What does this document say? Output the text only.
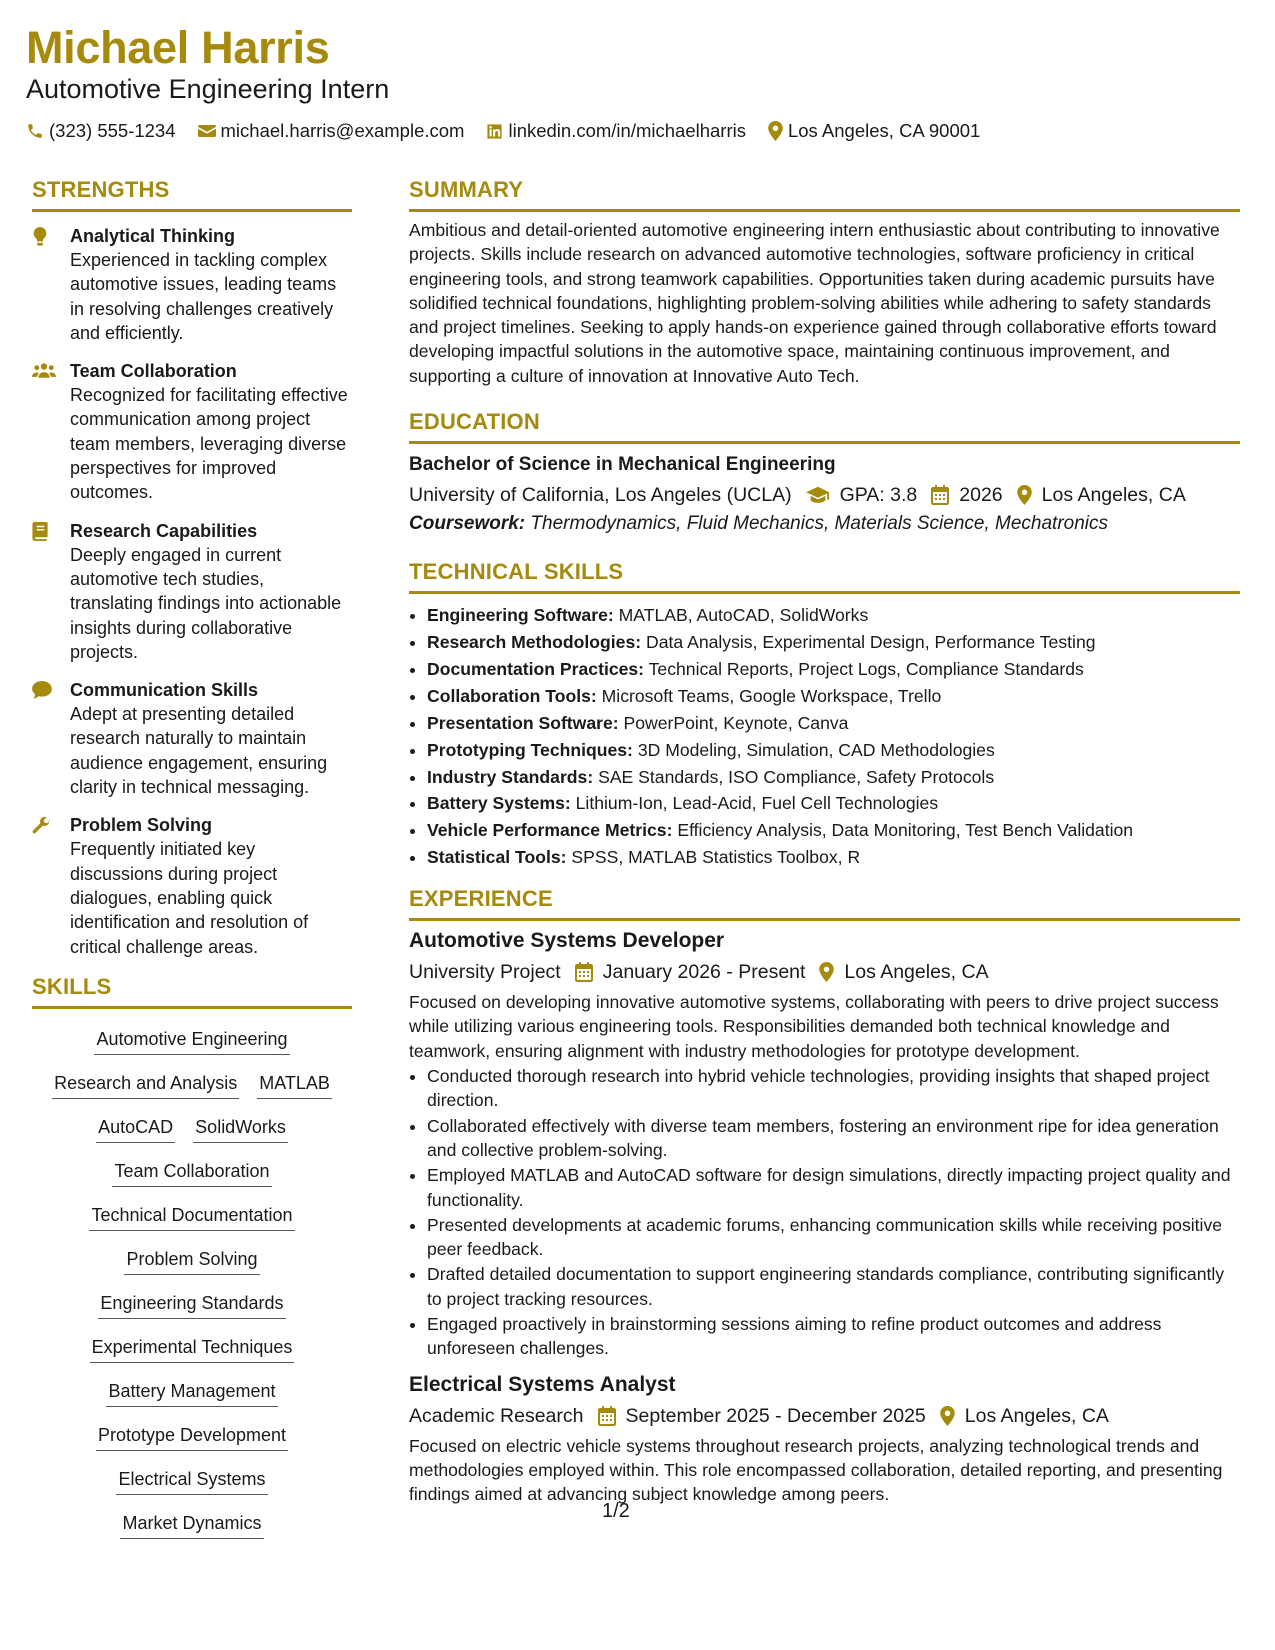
Michael Harris
Automotive Engineering Intern
(323) 555-1234 michael.harris@example.com linkedin.com/in/michaelharris Los Angeles, CA 90001
STRENGTHS
Analytical Thinking
Experienced in tackling complex automotive issues, leading teams in resolving challenges creatively and efficiently.
Team Collaboration
Recognized for facilitating effective communication among project team members, leveraging diverse perspectives for improved outcomes.
Research Capabilities
Deeply engaged in current automotive tech studies, translating findings into actionable insights during collaborative projects.
Communication Skills
Adept at presenting detailed research naturally to maintain audience engagement, ensuring clarity in technical messaging.
Problem Solving
Frequently initiated key discussions during project dialogues, enabling quick identification and resolution of critical challenge areas.
SKILLS
Automotive Engineering
Research and Analysis MATLAB
AutoCAD SolidWorks
Team Collaboration
Technical Documentation
Problem Solving
Engineering Standards
Experimental Techniques
Battery Management
Prototype Development
Electrical Systems
Market Dynamics
SUMMARY
Ambitious and detail-oriented automotive engineering intern enthusiastic about contributing to innovative projects. Skills include research on advanced automotive technologies, software proficiency in critical engineering tools, and strong teamwork capabilities. Opportunities taken during academic pursuits have solidified technical foundations, highlighting problem-solving abilities while adhering to safety standards and project timelines. Seeking to apply hands-on experience gained through collaborative efforts toward developing impactful solutions in the automotive space, maintaining continuous improvement, and supporting a culture of innovation at Innovative Auto Tech.
EDUCATION
Bachelor of Science in Mechanical Engineering
University of California, Los Angeles (UCLA) GPA: 3.8 2026 Los Angeles, CA
Coursework: Thermodynamics, Fluid Mechanics, Materials Science, Mechatronics
TECHNICAL SKILLS
• Engineering Software: MATLAB, AutoCAD, SolidWorks
• Research Methodologies: Data Analysis, Experimental Design, Performance Testing
• Documentation Practices: Technical Reports, Project Logs, Compliance Standards
• Collaboration Tools: Microsoft Teams, Google Workspace, Trello
• Presentation Software: PowerPoint, Keynote, Canva
• Prototyping Techniques: 3D Modeling, Simulation, CAD Methodologies
• Industry Standards: SAE Standards, ISO Compliance, Safety Protocols
• Battery Systems: Lithium-Ion, Lead-Acid, Fuel Cell Technologies
• Vehicle Performance Metrics: Efficiency Analysis, Data Monitoring, Test Bench Validation
• Statistical Tools: SPSS, MATLAB Statistics Toolbox, R
EXPERIENCE
Automotive Systems Developer
University Project January 2026 - Present Los Angeles, CA
Focused on developing innovative automotive systems, collaborating with peers to drive project success while utilizing various engineering tools. Responsibilities demanded both technical knowledge and teamwork, ensuring alignment with industry methodologies for prototype development.
• Conducted thorough research into hybrid vehicle technologies, providing insights that shaped project direction.
• Collaborated effectively with diverse team members, fostering an environment ripe for idea generation and collective problem-solving.
• Employed MATLAB and AutoCAD software for design simulations, directly impacting project quality and functionality.
• Presented developments at academic forums, enhancing communication skills while receiving positive peer feedback.
• Drafted detailed documentation to support engineering standards compliance, contributing significantly to project tracking resources.
• Engaged proactively in brainstorming sessions aiming to refine product outcomes and address unforeseen challenges.
Electrical Systems Analyst
Academic Research September 2025 - December 2025 Los Angeles, CA
Focused on electric vehicle systems throughout research projects, analyzing technological trends and methodologies employed within. This role encompassed collaboration, detailed reporting, and presenting findings aimed at advancing subject knowledge among peers.
1/2
